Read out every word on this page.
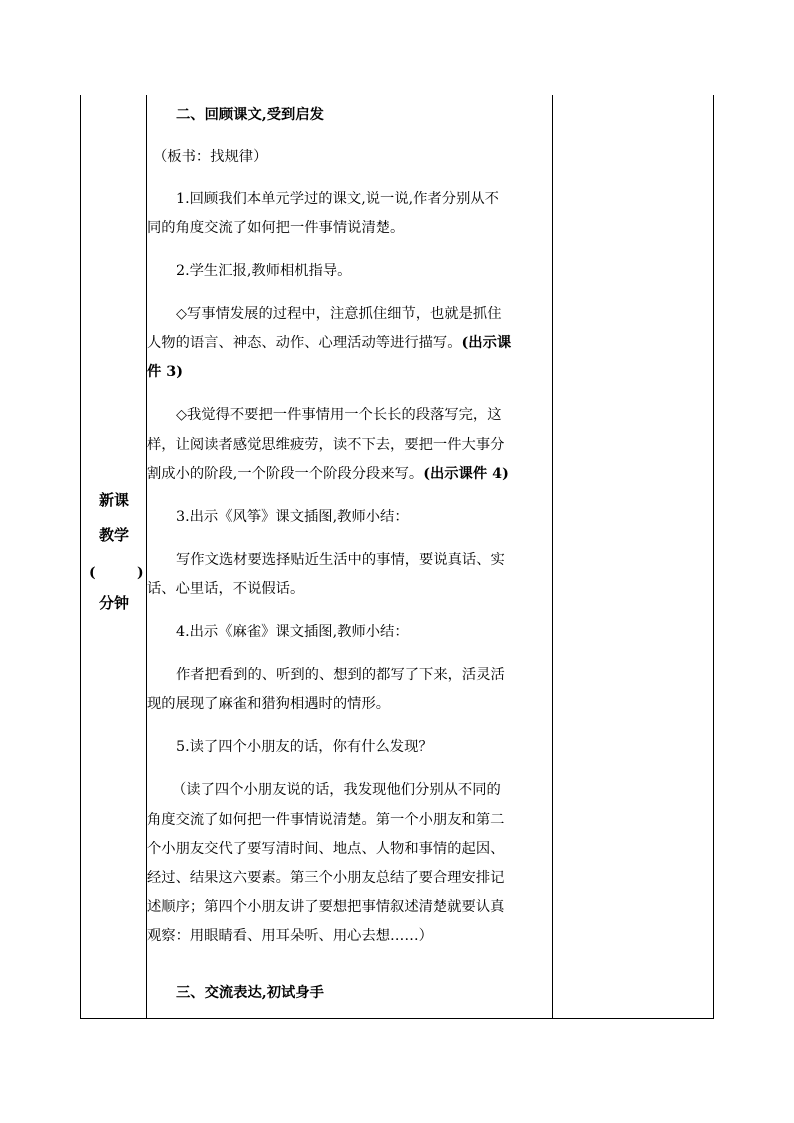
新课
教学
(	)
分钟

二、回顾课文,受到启发
（板书：找规律）
1.回顾我们本单元学过的课文,说一说,作者分别从不
同的角度交流了如何把一件事情说清楚。
2.学生汇报,教师相机指导。
◇写事情发展的过程中，注意抓住细节，也就是抓住
人物的语言、神态、动作、心理活动等进行描写。(出示课
件 3)
◇我觉得不要把一件事情用一个长长的段落写完，这
样，让阅读者感觉思维疲劳，读不下去，要把一件大事分
割成小的阶段,一个阶段一个阶段分段来写。(出示课件 4)
3.出示《风筝》课文插图,教师小结：
写作文选材要选择贴近生活中的事情，要说真话、实
话、心里话，不说假话。
4.出示《麻雀》课文插图,教师小结：
作者把看到的、听到的、想到的都写了下来，活灵活
现的展现了麻雀和猎狗相遇时的情形。
5.读了四个小朋友的话，你有什么发现？
（读了四个小朋友说的话，我发现他们分别从不同的
角度交流了如何把一件事情说清楚。第一个小朋友和第二
个小朋友交代了要写清时间、地点、人物和事情的起因、
经过、结果这六要素。第三个小朋友总结了要合理安排记
述顺序；第四个小朋友讲了要想把事情叙述清楚就要认真
观察：用眼睛看、用耳朵听、用心去想……）
三、交流表达,初试身手
